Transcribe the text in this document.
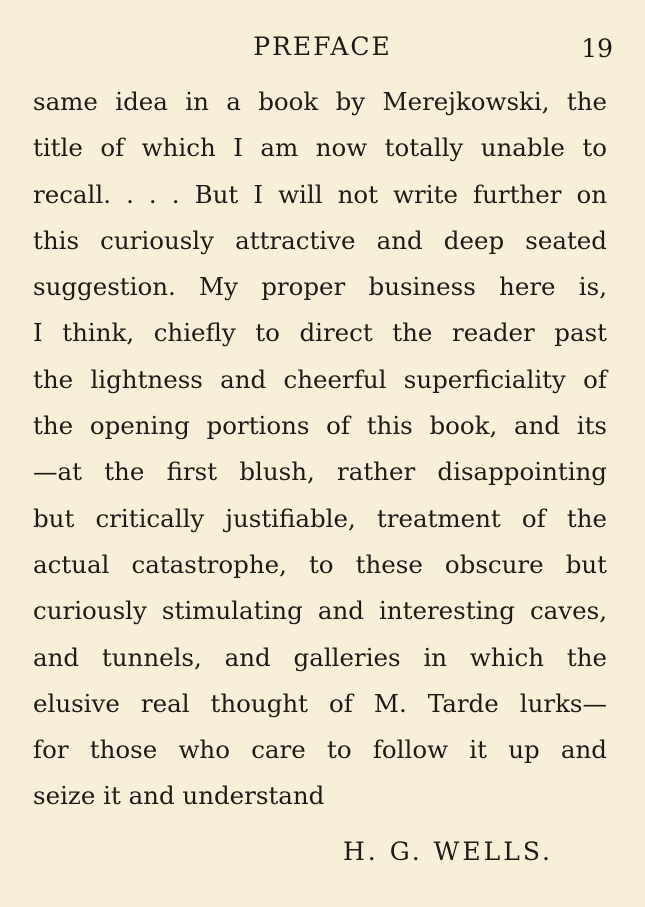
PREFACE	19
same idea in a book by Merejkowski, the
title of which I am now totally unable to
recall. . . . But I will not write further on
this curiously attractive and deep seated
suggestion. My proper business here is,
I think, chiefly to direct the reader past
the lightness and cheerful superficiality of
the opening portions of this book, and its
—at the first blush, rather disappointing
but critically justifiable, treatment of the
actual catastrophe, to these obscure but
curiously stimulating and interesting caves,
and tunnels, and galleries in which the
elusive real thought of M. Tarde lurks—
for those who care to follow it up and
seize it and understand
H. G. WELLS.
